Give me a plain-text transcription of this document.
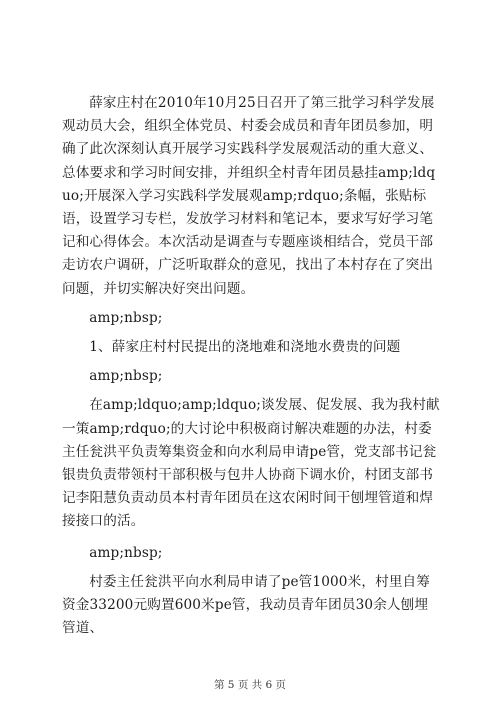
薛家庄村在2010年10月25日召开了第三批学习科学发展观动员大会，组织全体党员、村委会成员和青年团员参加，明确了此次深刻认真开展学习实践科学发展观活动的重大意义、总体要求和学习时间安排，并组织全村青年团员悬挂amp;ldquo;开展深入学习实践科学发展观amp;rdquo;条幅，张贴标语，设置学习专栏，发放学习材料和笔记本，要求写好学习笔记和心得体会。本次活动是调查与专题座谈相结合，党员干部走访农户调研，广泛听取群众的意见，找出了本村存在了突出问题，并切实解决好突出问题。

amp;nbsp;

1、薛家庄村村民提出的浇地难和浇地水费贵的问题

amp;nbsp;

在amp;ldquo;amp;ldquo;谈发展、促发展、我为我村献一策amp;rdquo;的大讨论中积极商讨解决难题的办法，村委主任瓮洪平负责筹集资金和向水利局申请pe管，党支部书记瓮银贵负责带领村干部积极与包井人协商下调水价，村团支部书记李阳慧负责动员本村青年团员在这农闲时间干刨埋管道和焊接接口的活。

amp;nbsp;

村委主任瓮洪平向水利局申请了pe管1000米，村里自筹资金33200元购置600米pe管，我动员青年团员30余人刨埋管道、

第 5 页 共 6 页
